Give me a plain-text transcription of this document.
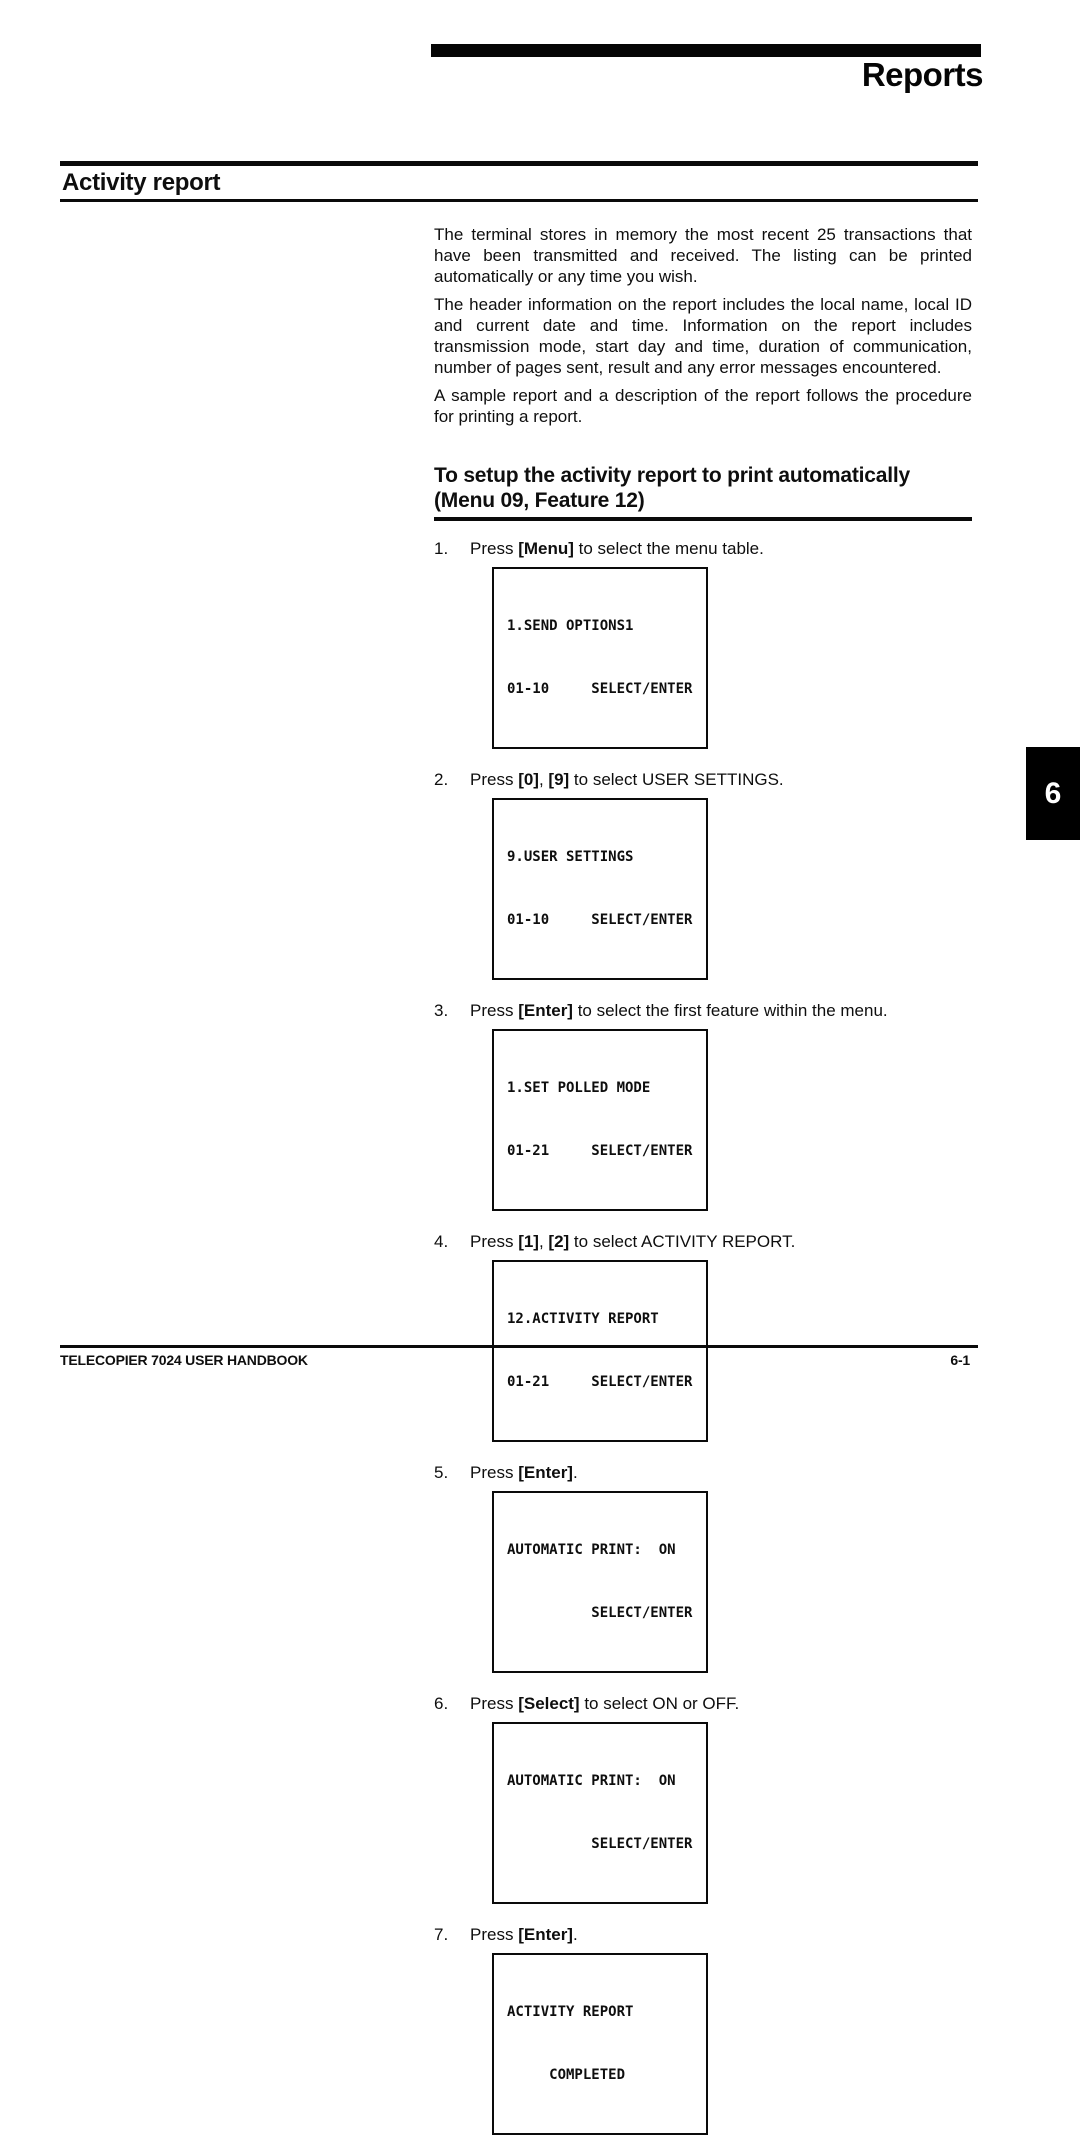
Reports
Activity report

The terminal stores in memory the most recent 25 transactions that have been transmitted and received. The listing can be printed automatically or any time you wish.

The header information on the report includes the local name, local ID and current date and time. Information on the report includes transmission mode, start day and time, duration of communication, number of pages sent, result and any error messages encountered.

A sample report and a description of the report follows the procedure for printing a report.

To setup the activity report to print automatically
(Menu 09, Feature 12)
1. Press [Menu] to select the menu table.

1.SEND OPTIONS1

01-10     SELECT/ENTER

2. Press [0], [9] to select USER SETTINGS.

9.USER SETTINGS

01-10     SELECT/ENTER

3. Press [Enter] to select the first feature within the menu.

1.SET POLLED MODE

01-21     SELECT/ENTER

4. Press [1], [2] to select ACTIVITY REPORT.

12.ACTIVITY REPORT

01-21     SELECT/ENTER

5. Press [Enter].

AUTOMATIC PRINT:  ON

SELECT/ENTER

6. Press [Select] to select ON or OFF.

AUTOMATIC PRINT:  ON

SELECT/ENTER

7. Press [Enter].

ACTIVITY REPORT

COMPLETED

6
TELECOPIER 7024 USER HANDBOOK	6-1
